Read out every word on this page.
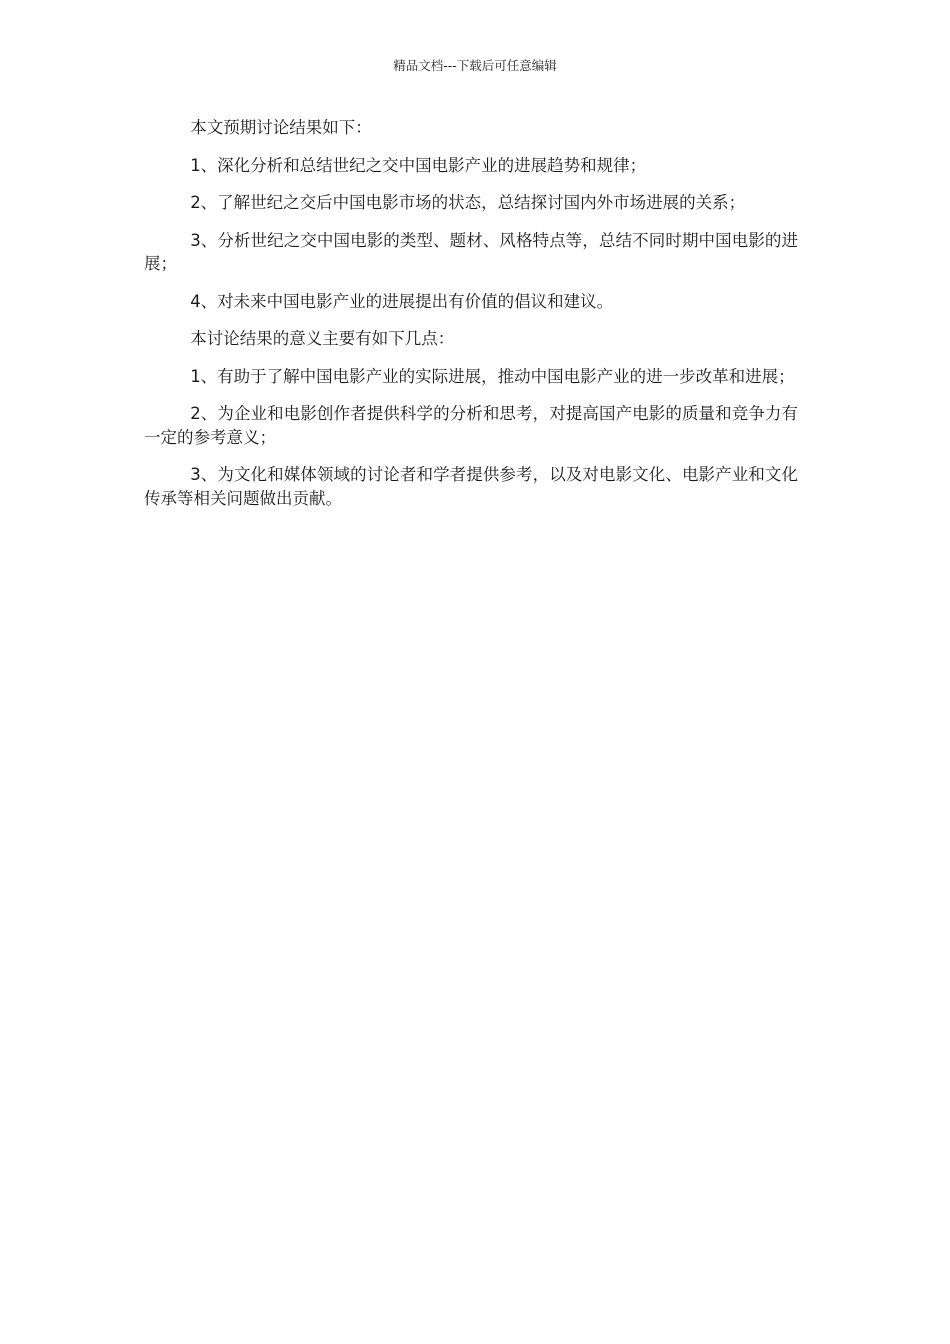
精品文档---下载后可任意编辑

本文预期讨论结果如下：

1、深化分析和总结世纪之交中国电影产业的进展趋势和规律；

2、了解世纪之交后中国电影市场的状态，总结探讨国内外市场进展的关系；

3、分析世纪之交中国电影的类型、题材、风格特点等，总结不同时期中国电影的进展；

4、对未来中国电影产业的进展提出有价值的倡议和建议。

本讨论结果的意义主要有如下几点：

1、有助于了解中国电影产业的实际进展，推动中国电影产业的进一步改革和进展；

2、为企业和电影创作者提供科学的分析和思考，对提高国产电影的质量和竞争力有一定的参考意义；

3、为文化和媒体领域的讨论者和学者提供参考，以及对电影文化、电影产业和文化传承等相关问题做出贡献。
